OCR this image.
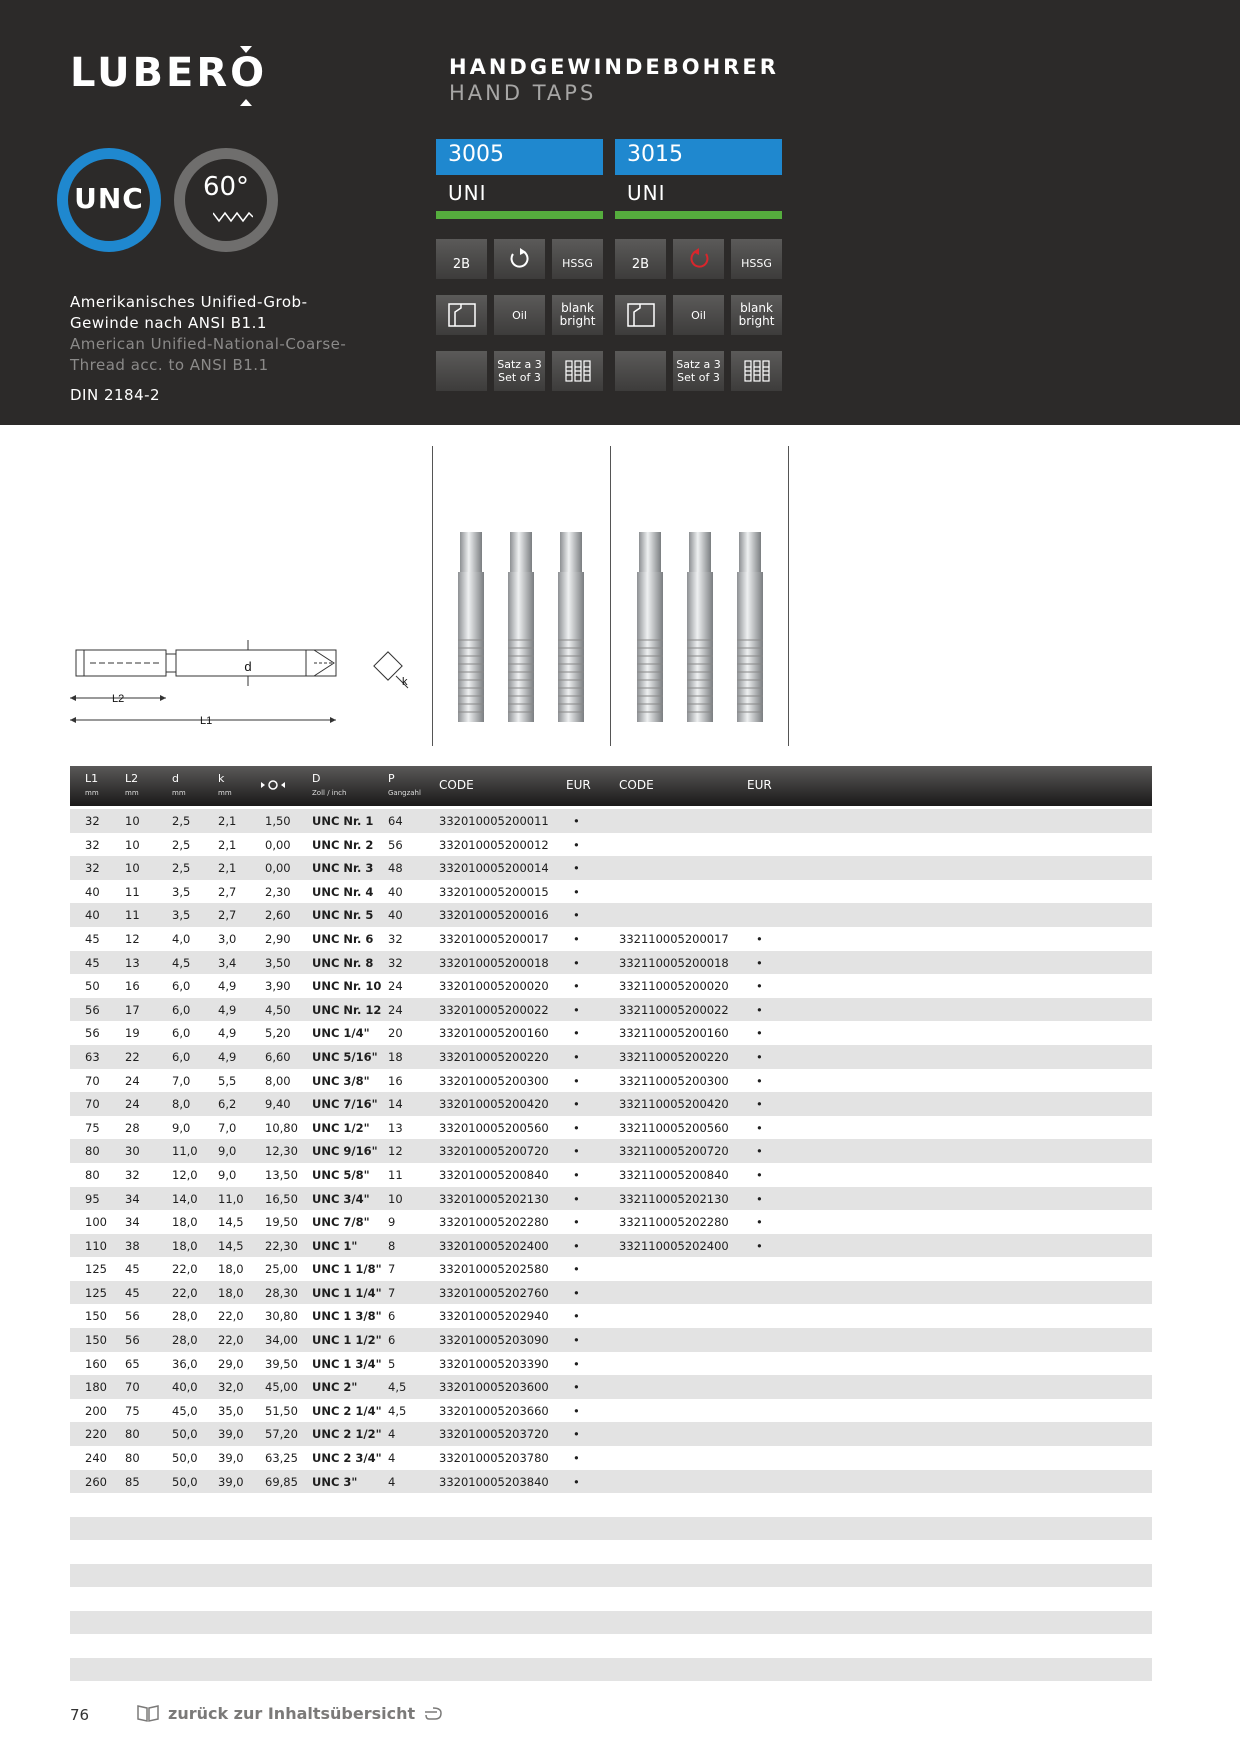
LUBERO
UNC	60°
Amerikanisches Unified-Grob-Gewinde nach ANSI B1.1
American Unified-National-Coarse-Thread acc. to ANSI B1.1
DIN 2184-2
HANDGEWINDEBOHRER
HAND TAPS
3005
UNI
2B	HSSG
Oil	blank
bright
Satz a 3
Set of 3
3015
UNI
2B	HSSG
Oil	blank
bright
Satz a 3
Set of 3
d
L2
L1
k
L1
mm
L2
mm
d
mm
k
mm
D
Zoll / inch
P
Gangzahl
CODE	EUR CODE	EUR
32 10	2,5 2,1 1,50 UNC Nr. 1 64	332010005200011 •
32 10	2,5 2,1 0,00 UNC Nr. 2 56	332010005200012 •
32 10	2,5 2,1 0,00 UNC Nr. 3 48	332010005200014 •
40 11	3,5 2,7 2,30 UNC Nr. 4 40	332010005200015 •
40 11	3,5 2,7 2,60 UNC Nr. 5 40	332010005200016 •
45 12	4,0 3,0 2,90 UNC Nr. 6 32	332010005200017 •	332110005200017 •
45 13	4,5 3,4 3,50 UNC Nr. 8 32	332010005200018 •	332110005200018 •
50 16	6,0 4,9 3,90 UNC Nr. 10 24	332010005200020 •	332110005200020 •
56 17	6,0 4,9 4,50 UNC Nr. 12 24	332010005200022 •	332110005200022 •
56 19	6,0 4,9 5,20 UNC 1/4" 20	332010005200160 •	332110005200160 •
63 22	6,0 4,9 6,60 UNC 5/16" 18	332010005200220 •	332110005200220 •
70 24	7,0 5,5 8,00 UNC 3/8" 16	332010005200300 •	332110005200300 •
70 24	8,0 6,2 9,40 UNC 7/16" 14	332010005200420 •	332110005200420 •
75 28	9,0 7,0 10,80 UNC 1/2" 13	332010005200560 •	332110005200560 •
80 30	11,0 9,0 12,30 UNC 9/16" 12	332010005200720 •	332110005200720 •
80 32	12,0 9,0 13,50 UNC 5/8" 11	332010005200840 •	332110005200840 •
95 34	14,0 11,0 16,50 UNC 3/4" 10	332010005202130 •	332110005202130 •
100 34	18,0 14,5 19,50 UNC 7/8" 9	332010005202280 •	332110005202280 •
110 38	18,0 14,5 22,30 UNC 1"	8	332010005202400 •	332110005202400 •
125 45	22,0 18,0 25,00 UNC 1 1/8" 7	332010005202580 •
125 45	22,0 18,0 28,30 UNC 1 1/4" 7	332010005202760 •
150 56	28,0 22,0 30,80 UNC 1 3/8" 6	332010005202940 •
150 56	28,0 22,0 34,00 UNC 1 1/2" 6	332010005203090 •
160 65	36,0 29,0 39,50 UNC 1 3/4" 5	332010005203390 •
180 70	40,0 32,0 45,00 UNC 2"	4,5	332010005203600 •
200 75	45,0 35,0 51,50 UNC 2 1/4" 4,5	332010005203660 •
220 80	50,0 39,0 57,20 UNC 2 1/2" 4	332010005203720 •
240 80	50,0 39,0 63,25 UNC 2 3/4" 4	332010005203780 •
260 85	50,0 39,0 69,85 UNC 3"	4	332010005203840 •
76	zurück zur Inhaltsübersicht
